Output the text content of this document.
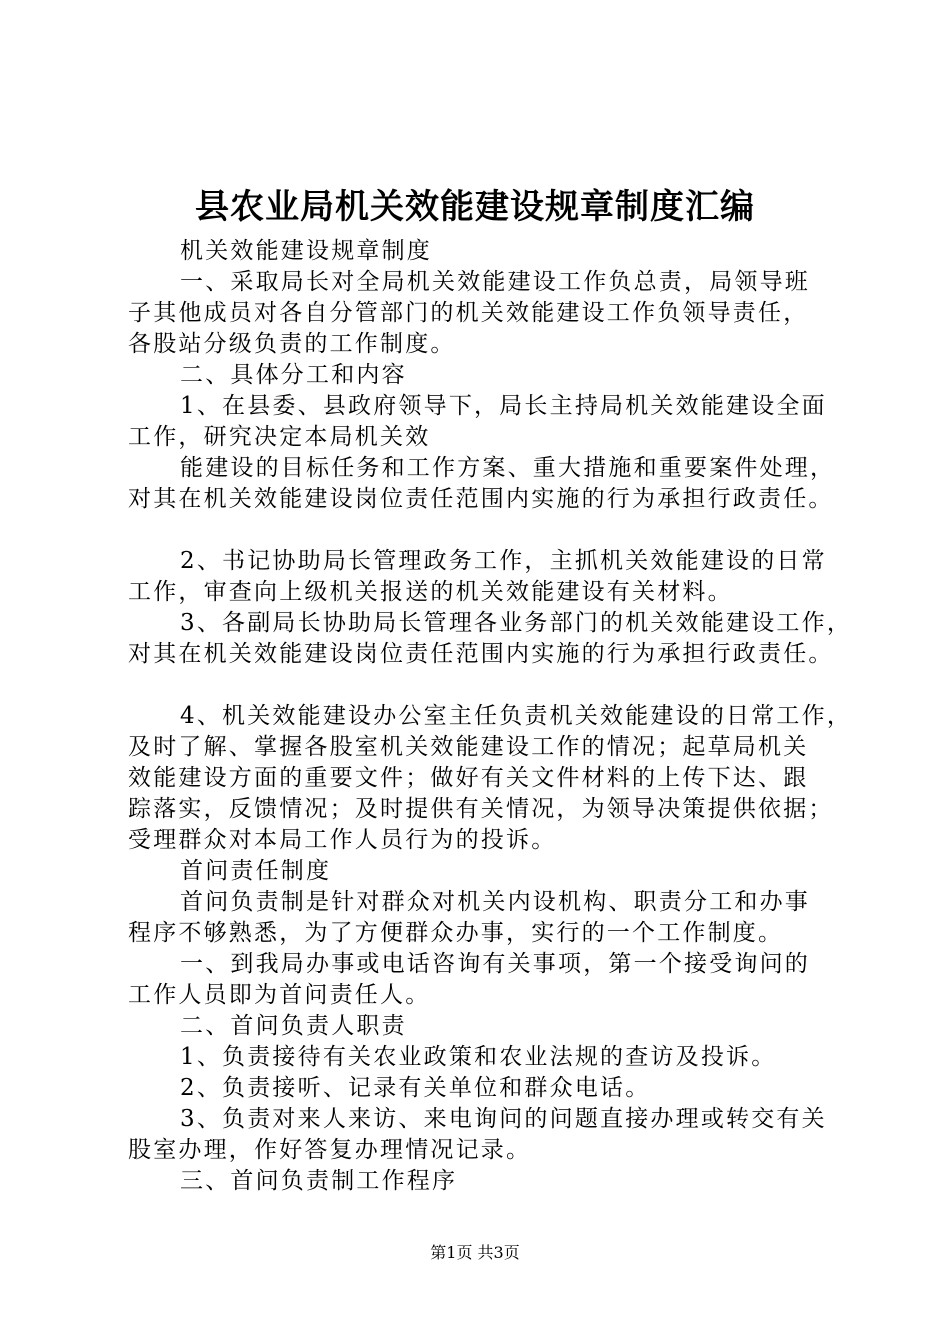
县农业局机关效能建设规章制度汇编
机关效能建设规章制度
一、采取局长对全局机关效能建设工作负总责，局领导班
子其他成员对各自分管部门的机关效能建设工作负领导责任，
各股站分级负责的工作制度。
二、具体分工和内容
1、在县委、县政府领导下，局长主持局机关效能建设全面
工作，研究决定本局机关效
能建设的目标任务和工作方案、重大措施和重要案件处理，
对其在机关效能建设岗位责任范围内实施的行为承担行政责任。
2、书记协助局长管理政务工作，主抓机关效能建设的日常
工作，审查向上级机关报送的机关效能建设有关材料。
3、各副局长协助局长管理各业务部门的机关效能建设工作，
对其在机关效能建设岗位责任范围内实施的行为承担行政责任。
4、机关效能建设办公室主任负责机关效能建设的日常工作，
及时了解、掌握各股室机关效能建设工作的情况；起草局机关
效能建设方面的重要文件；做好有关文件材料的上传下达、跟
踪落实，反馈情况；及时提供有关情况，为领导决策提供依据；
受理群众对本局工作人员行为的投诉。
首问责任制度
首问负责制是针对群众对机关内设机构、职责分工和办事
程序不够熟悉，为了方便群众办事，实行的一个工作制度。
一、到我局办事或电话咨询有关事项，第一个接受询问的
工作人员即为首问责任人。
二、首问负责人职责
1、负责接待有关农业政策和农业法规的查访及投诉。
2、负责接听、记录有关单位和群众电话。
3、负责对来人来访、来电询问的问题直接办理或转交有关
股室办理，作好答复办理情况记录。
三、首问负责制工作程序
第1页 共3页
